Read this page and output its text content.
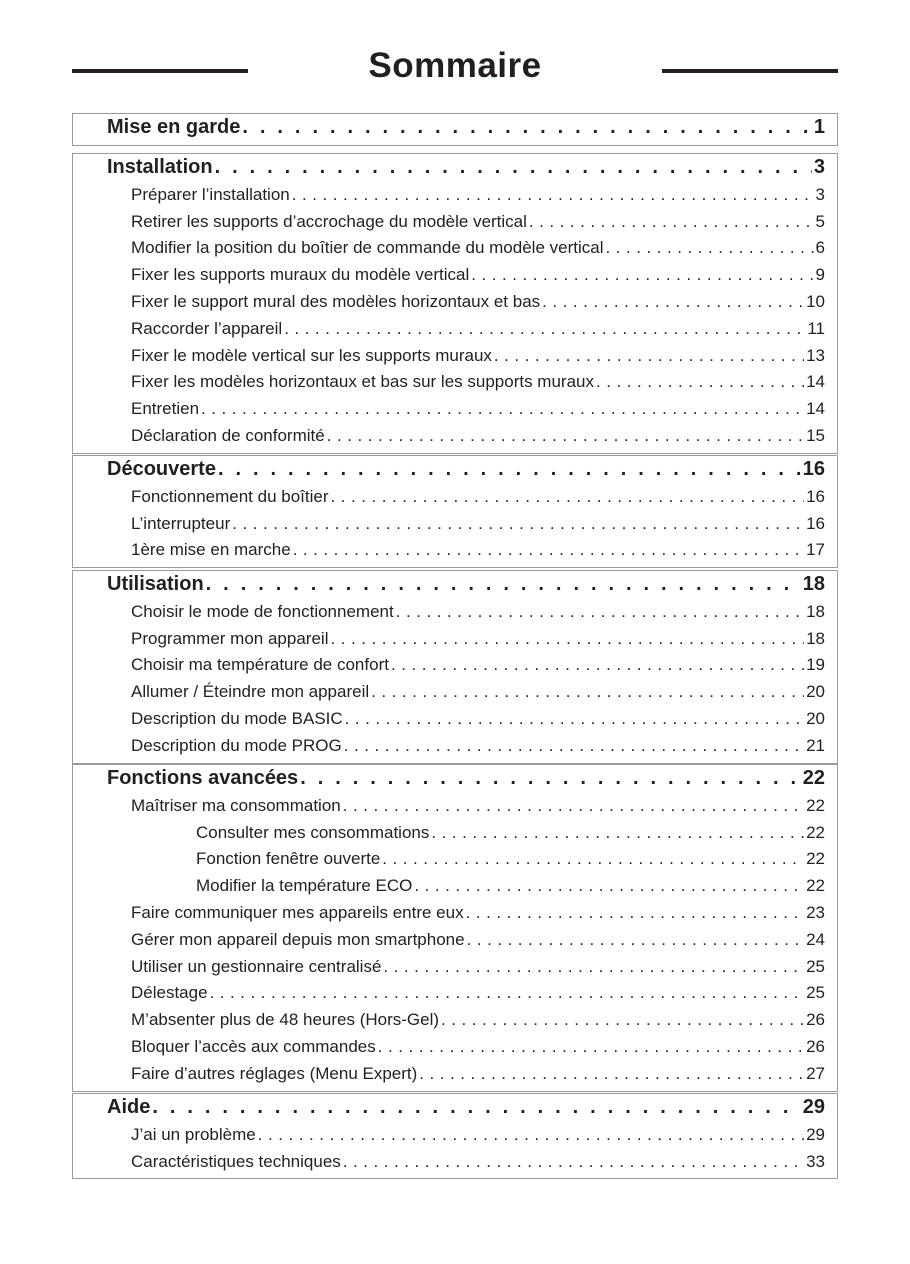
Sommaire
Mise en garde . . .	1
Installation . . .	3
Préparer l’installation . . .	3
Retirer les supports d’accrochage du modèle vertical . . .	5
Modifier la position du boîtier de commande du modèle vertical . . .	6
Fixer les supports muraux du modèle vertical . . .	9
Fixer le support mural des modèles horizontaux et bas . . .	10
Raccorder l’appareil . . .	11
Fixer le modèle vertical sur les supports muraux . . .	13
Fixer les modèles horizontaux et bas sur les supports muraux . . .	14
Entretien . . .	14
Déclaration de conformité . . .	15
Découverte . . .	16
Fonctionnement du boîtier . . .	16
L’interrupteur . . .	16
1ère mise en marche . . .	17
Utilisation . . .	18
Choisir le mode de fonctionnement . . .	18
Programmer mon appareil . . .	18
Choisir ma température de confort . . .	19
Allumer / Éteindre mon appareil . . .	20
Description du mode BASIC . . .	20
Description du mode PROG . . .	21
Fonctions avancées . . .	22
Maîtriser ma consommation . . .	22
Consulter mes consommations . . .	22
Fonction fenêtre ouverte . . .	22
Modifier la température ECO . . .	22
Faire communiquer mes appareils entre eux . . .	23
Gérer mon appareil depuis mon smartphone . . .	24
Utiliser un gestionnaire centralisé . . .	25
Délestage . . .	25
M’absenter plus de 48 heures (Hors-Gel) . . .	26
Bloquer l’accès aux commandes . . .	26
Faire d’autres réglages (Menu Expert) . . .	27
Aide . . .	29
J’ai un problème . . .	29
Caractéristiques techniques . . .	33
